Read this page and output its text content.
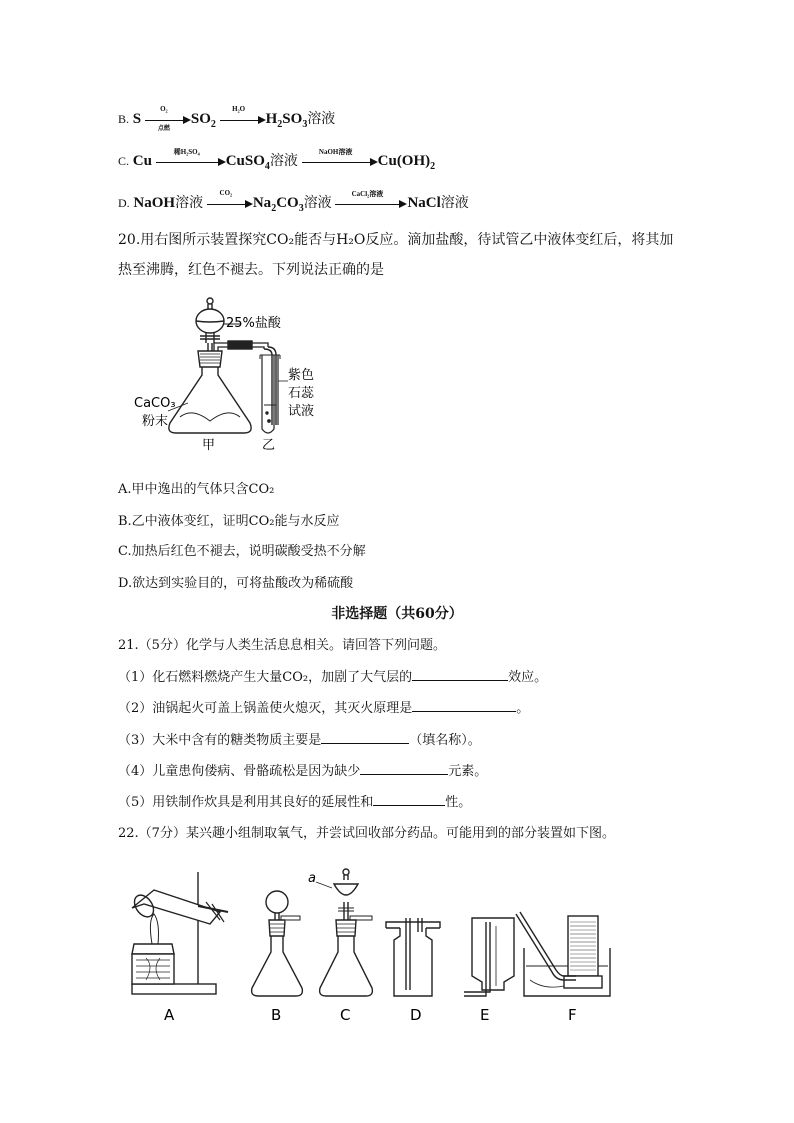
B. S
O₂
点燃
$SO_2$
H₂O
$H_2SO_3$溶液
C. Cu
稀H₂SO₄
CuSO$_4$溶液
NaOH溶液
$Cu(OH)_2$
D. NaOH溶液
CO₂
$Na_2CO_3$溶液
CaCl₂溶液
NaCl溶液
20.用右图所示装置探究CO₂能否与H₂O反应。滴加盐酸，待试管乙中液体变红后，将其加
热至沸腾，红色不褪去。下列说法正确的是
25%盐酸
CaCO₃
粉末
紫色
石蕊
试液
甲	乙
A.甲中逸出的气体只含CO₂
B.乙中液体变红，证明CO₂能与水反应
C.加热后红色不褪去，说明碳酸受热不分解
D.欲达到实验目的，可将盐酸改为稀硫酸
非选择题（共60分）
21.（5分）化学与人类生活息息相关。请回答下列问题。
（1）化石燃料燃烧产生大量CO₂，加剧了大气层的	效应。
（2）油锅起火可盖上锅盖使火熄灭，其灭火原理是	。
（3）大米中含有的糖类物质主要是	（填名称）。
（4）儿童患佝偻病、骨骼疏松是因为缺少	元素。
（5）用铁制作炊具是利用其良好的延展性和	性。
22.（7分）某兴趣小组制取氧气，并尝试回收部分药品。可能用到的部分装置如下图。
A	B	C	D	E	F
a
